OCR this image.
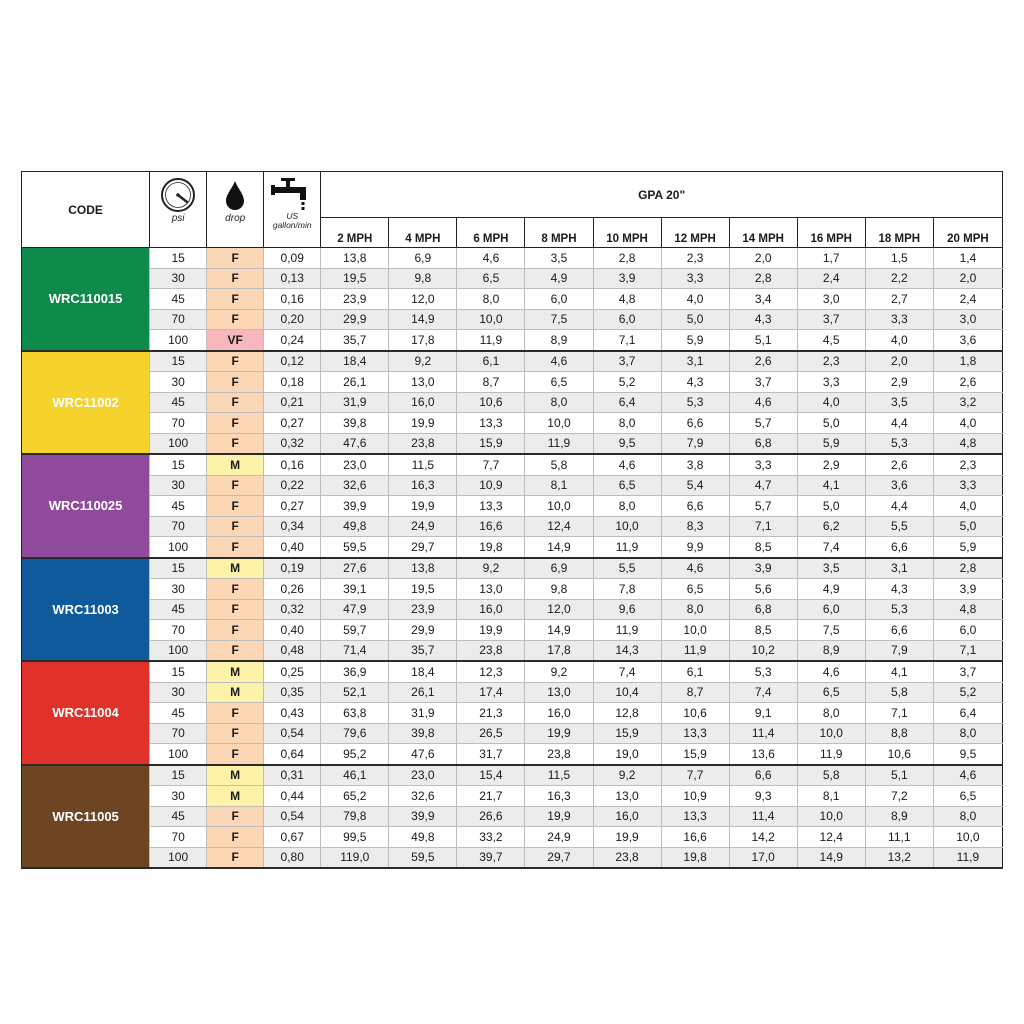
CODE	psi	drop	US
gallon/min	GPA 20"									
				2 MPH	4 MPH	6 MPH	8 MPH	10 MPH	12 MPH	14 MPH	16 MPH	18 MPH	20 MPH
WRC110015	15	F	0,09	13,8	6,9	4,6	3,5	2,8	2,3	2,0	1,7	1,5	1,4
	30	F	0,13	19,5	9,8	6,5	4,9	3,9	3,3	2,8	2,4	2,2	2,0
	45	F	0,16	23,9	12,0	8,0	6,0	4,8	4,0	3,4	3,0	2,7	2,4
	70	F	0,20	29,9	14,9	10,0	7,5	6,0	5,0	4,3	3,7	3,3	3,0
	100	VF	0,24	35,7	17,8	11,9	8,9	7,1	5,9	5,1	4,5	4,0	3,6
WRC11002	15	F	0,12	18,4	9,2	6,1	4,6	3,7	3,1	2,6	2,3	2,0	1,8
	30	F	0,18	26,1	13,0	8,7	6,5	5,2	4,3	3,7	3,3	2,9	2,6
	45	F	0,21	31,9	16,0	10,6	8,0	6,4	5,3	4,6	4,0	3,5	3,2
	70	F	0,27	39,8	19,9	13,3	10,0	8,0	6,6	5,7	5,0	4,4	4,0
	100	F	0,32	47,6	23,8	15,9	11,9	9,5	7,9	6,8	5,9	5,3	4,8
WRC110025	15	M	0,16	23,0	11,5	7,7	5,8	4,6	3,8	3,3	2,9	2,6	2,3
	30	F	0,22	32,6	16,3	10,9	8,1	6,5	5,4	4,7	4,1	3,6	3,3
	45	F	0,27	39,9	19,9	13,3	10,0	8,0	6,6	5,7	5,0	4,4	4,0
	70	F	0,34	49,8	24,9	16,6	12,4	10,0	8,3	7,1	6,2	5,5	5,0
	100	F	0,40	59,5	29,7	19,8	14,9	11,9	9,9	8,5	7,4	6,6	5,9
WRC11003	15	M	0,19	27,6	13,8	9,2	6,9	5,5	4,6	3,9	3,5	3,1	2,8
	30	F	0,26	39,1	19,5	13,0	9,8	7,8	6,5	5,6	4,9	4,3	3,9
	45	F	0,32	47,9	23,9	16,0	12,0	9,6	8,0	6,8	6,0	5,3	4,8
	70	F	0,40	59,7	29,9	19,9	14,9	11,9	10,0	8,5	7,5	6,6	6,0
	100	F	0,48	71,4	35,7	23,8	17,8	14,3	11,9	10,2	8,9	7,9	7,1
WRC11004	15	M	0,25	36,9	18,4	12,3	9,2	7,4	6,1	5,3	4,6	4,1	3,7
	30	M	0,35	52,1	26,1	17,4	13,0	10,4	8,7	7,4	6,5	5,8	5,2
	45	F	0,43	63,8	31,9	21,3	16,0	12,8	10,6	9,1	8,0	7,1	6,4
	70	F	0,54	79,6	39,8	26,5	19,9	15,9	13,3	11,4	10,0	8,8	8,0
	100	F	0,64	95,2	47,6	31,7	23,8	19,0	15,9	13,6	11,9	10,6	9,5
WRC11005	15	M	0,31	46,1	23,0	15,4	11,5	9,2	7,7	6,6	5,8	5,1	4,6
	30	M	0,44	65,2	32,6	21,7	16,3	13,0	10,9	9,3	8,1	7,2	6,5
	45	F	0,54	79,8	39,9	26,6	19,9	16,0	13,3	11,4	10,0	8,9	8,0
	70	F	0,67	99,5	49,8	33,2	24,9	19,9	16,6	14,2	12,4	11,1	10,0
	100	F	0,80	119,0	59,5	39,7	29,7	23,8	19,8	17,0	14,9	13,2	11,9
